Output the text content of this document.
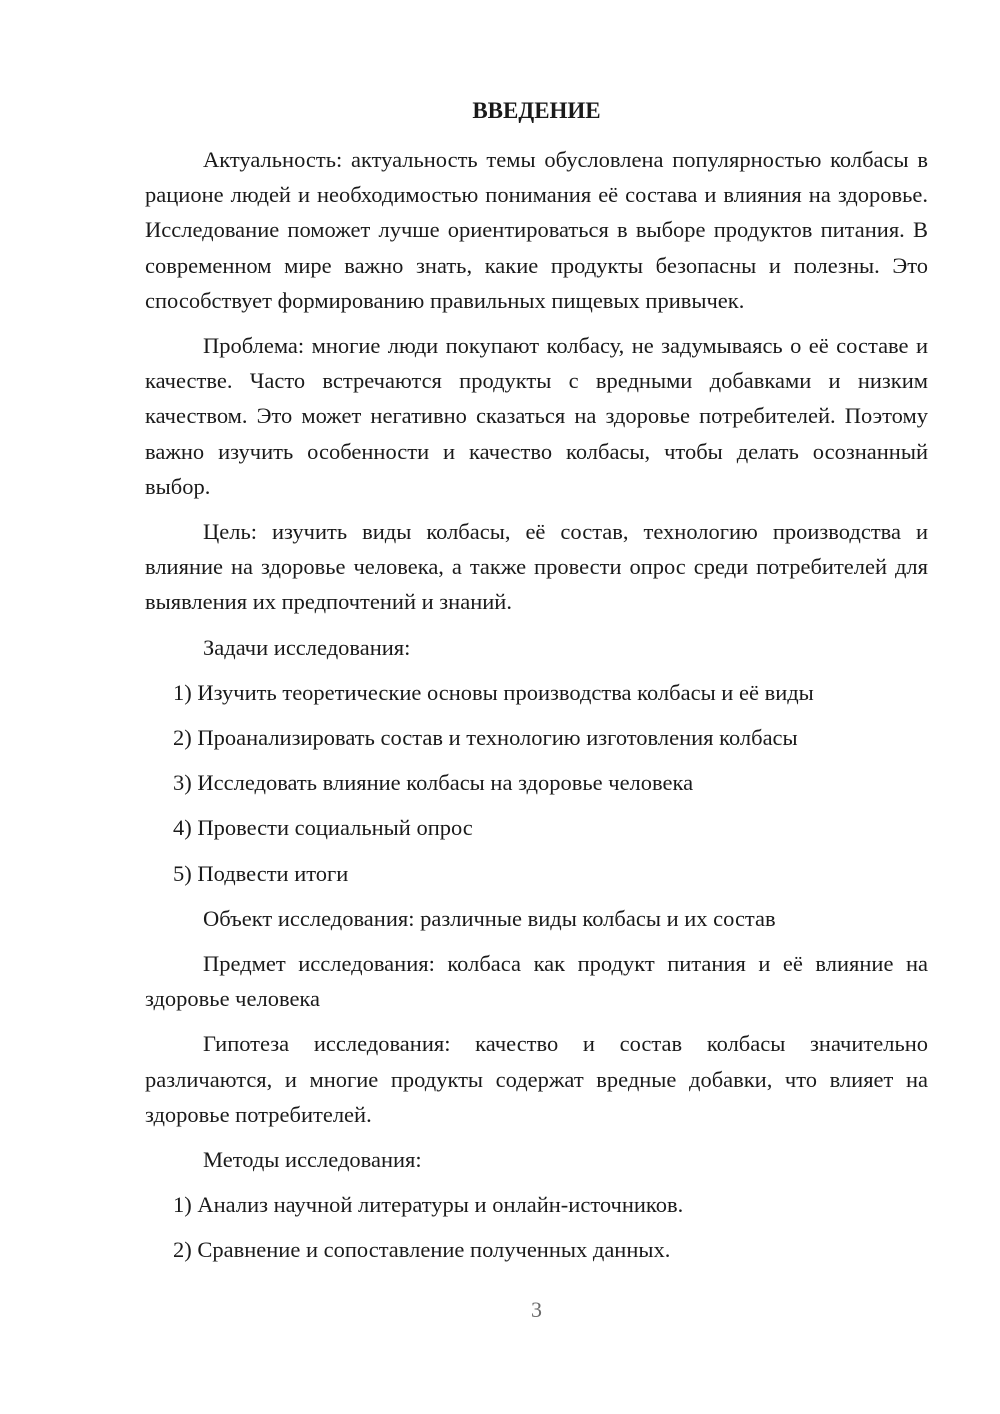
ВВЕДЕНИЕ

Актуальность: актуальность темы обусловлена популярностью колбасы в рационе людей и необходимостью понимания её состава и влияния на здоровье. Исследование поможет лучше ориентироваться в выборе продуктов питания. В современном мире важно знать, какие продукты безопасны и полезны. Это способствует формированию правильных пищевых привычек.

Проблема: многие люди покупают колбасу, не задумываясь о её составе и качестве. Часто встречаются продукты с вредными добавками и низким качеством. Это может негативно сказаться на здоровье потребителей. Поэтому важно изучить особенности и качество колбасы, чтобы делать осознанный выбор.

Цель: изучить виды колбасы, её состав, технологию производства и влияние на здоровье человека, а также провести опрос среди потребителей для выявления их предпочтений и знаний.

Задачи исследования:

1) Изучить теоретические основы производства колбасы и её виды

2) Проанализировать состав и технологию изготовления колбасы

3) Исследовать влияние колбасы на здоровье человека

4) Провести социальный опрос

5) Подвести итоги

Объект исследования: различные виды колбасы и их состав

Предмет исследования: колбаса как продукт питания и её влияние на здоровье человека

Гипотеза исследования: качество и состав колбасы значительно различаются, и многие продукты содержат вредные добавки, что влияет на здоровье потребителей.

Методы исследования:

1) Анализ научной литературы и онлайн-источников.

2) Сравнение и сопоставление полученных данных.

3
